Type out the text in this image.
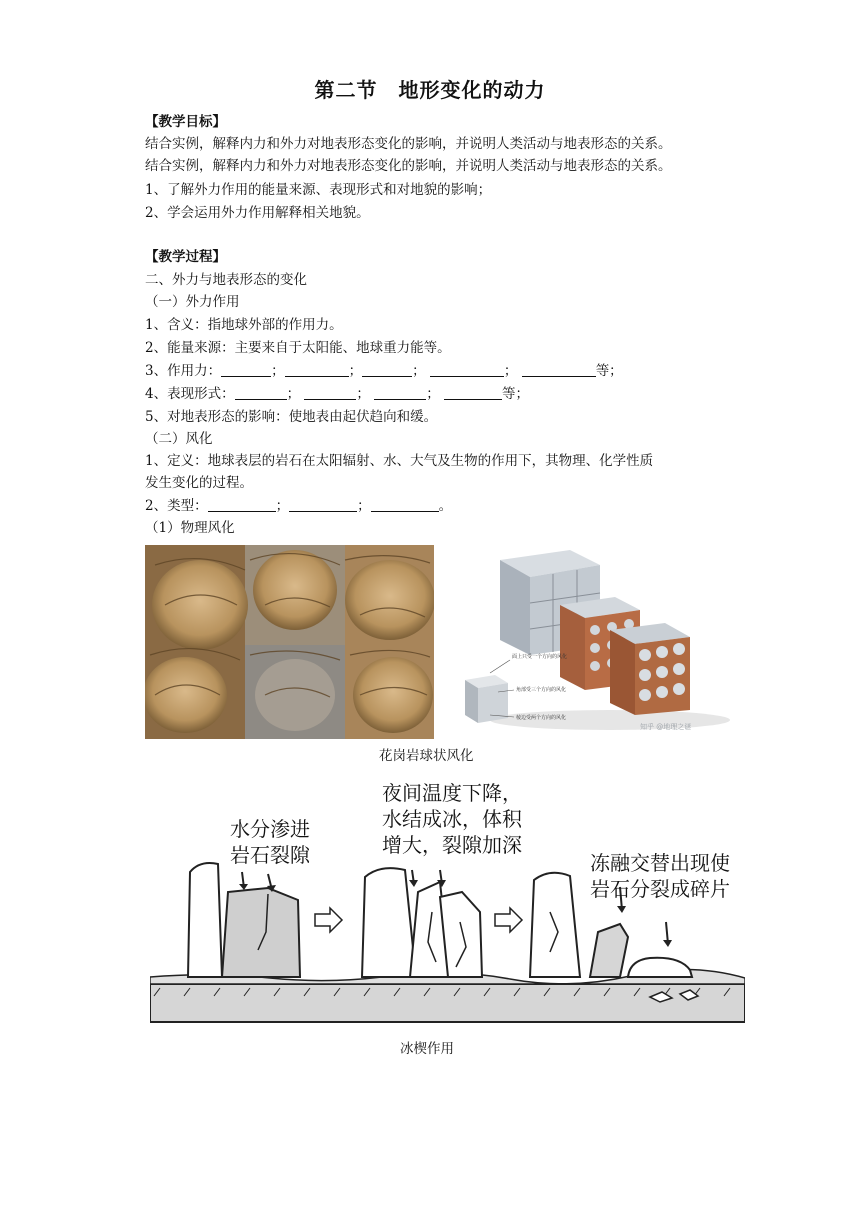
第二节　地形变化的动力
【教学目标】
结合实例，解释内力和外力对地表形态变化的影响，并说明人类活动与地表形态的关系。
结合实例，解释内力和外力对地表形态变化的影响，并说明人类活动与地表形态的关系。
1、了解外力作用的能量来源、表现形式和对地貌的影响；
2、学会运用外力作用解释相关地貌。
【教学过程】
二、外力与地表形态的变化
（一）外力作用
1、含义：指地球外部的作用力。
2、能量来源：主要来自于太阳能、地球重力能等。
3、作用力：	；	；	；	；	等；
4、表现形式：	；	；	；	等；
5、对地表形态的影响：使地表由起伏趋向和缓。
（二）风化
1、定义：地球表层的岩石在太阳辐射、水、大气及生物的作用下，其物理、化学性质
发生变化的过程。
2、类型：	；	；	。
（1）物理风化
面上只受一个方向的风化
角部受三个方向的风化
棱边受两个方向的风化
知乎 @地理之谜
花岗岩球状风化
水分渗进
岩石裂隙
夜间温度下降，
水结成冰，体积
增大，裂隙加深
冻融交替出现使
岩石分裂成碎片
冰楔作用
